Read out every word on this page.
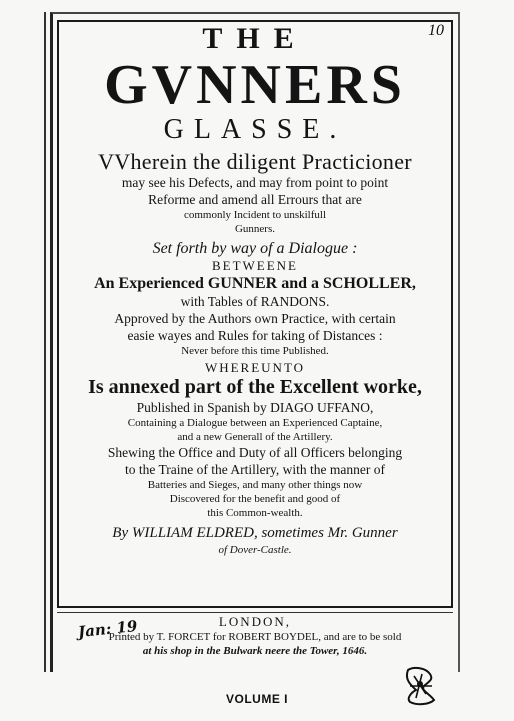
10
THE
GVNNERS
GLASSE.
VVherein the diligent Practicioner
may see his Defects, and may from point to point
Reforme and amend all Errours that are
commonly Incident to unskilfull
Gunners.
Set forth by way of a Dialogue :
BETWEENE
An Experienced GUNNER and a SCHOLLER,
with Tables of RANDONS.
Approved by the Authors own Practice, with certain
easie wayes and Rules for taking of Distances :
Never before this time Published.
WHEREUNTO
Is annexed part of the Excellent worke,
Published in Spanish by DIAGO UFFANO,
Containing a Dialogue between an Experienced Captaine,
and a new Generall of the Artillery.
Shewing the Office and Duty of all Officers belonging
to the Traine of the Artillery, with the manner of
Batteries and Sieges, and many other things now
Discovered for the benefit and good of
this Common-wealth.
By WILLIAM ELDRED, sometimes Mr. Gunner
of Dover-Castle.
LONDON,
Printed by T. FORCET for ROBERT BOYDEL, and are to be sold
at his shop in the Bulwark neere the Tower, 1646.
Jan: 19
VOLUME I
